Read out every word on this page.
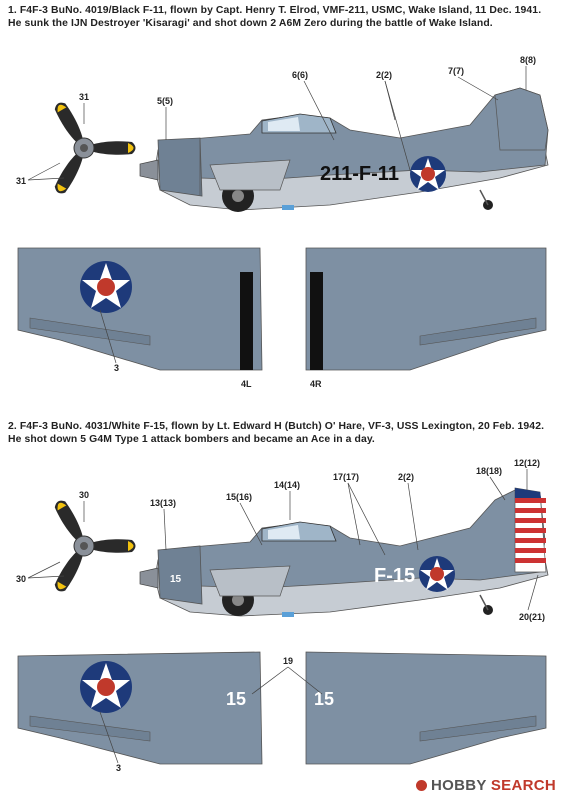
1. F4F-3 BuNo. 4019/Black F-11, flown by Capt. Henry T. Elrod, VMF-211, USMC, Wake Island, 11 Dec. 1941.
He sunk the IJN Destroyer 'Kisaragi' and shot down 2 A6M Zero during the battle of Wake Island.
2. F4F-3 BuNo. 4031/White F-15, flown by Lt. Edward H (Butch) O' Hare, VF-3, USS Lexington, 20 Feb. 1942.
He shot down 5 G4M Type 1 attack bombers and became an Ace in a day.
31
31	211-F-11
5(5)
6(6)	2(2)	7(7)
8(8)
3
4L	4R
30
30	15	F-15
13(13)
15(16)
14(14)
17(17)	2(2)
18(18)
12(12)
20(21)
15	15
19
3
HOBBY SEARCH
